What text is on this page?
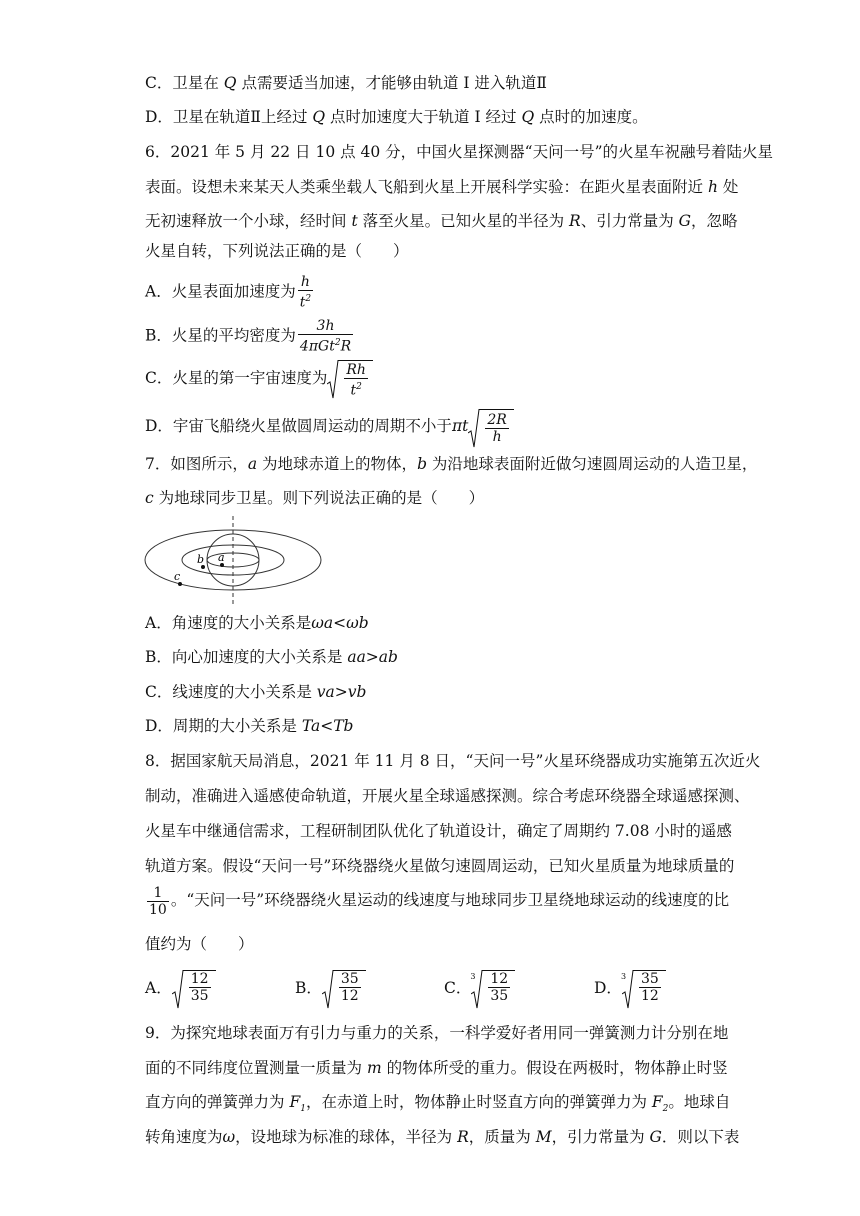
C．卫星在 Q 点需要适当加速，才能够由轨道 I 进入轨道Ⅱ
D．卫星在轨道Ⅱ上经过 Q 点时加速度大于轨道 I 经过 Q 点时的加速度。
6．2021 年 5 月 22 日 10 点 40 分，中国火星探测器“天问一号”的火星车祝融号着陆火星
表面。设想未来某天人类乘坐载人飞船到火星上开展科学实验：在距火星表面附近 h 处
无初速释放一个小球，经时间 t 落至火星。已知火星的半径为 R、引力常量为 G，忽略
火星自转，下列说法正确的是（　　）
A．火星表面加速度为 $\frac{h}{t^2}$
B．火星的平均密度为 $\frac{3h}{4\pi Gt^2R}$
C．火星的第一宇宙速度为 $\frac{Rh}{t^2}$
D．宇宙飞船绕火星做圆周运动的周期不小于πt $\frac{2R}{h}$
7．如图所示，a 为地球赤道上的物体，b 为沿地球表面附近做匀速圆周运动的人造卫星，
c 为地球同步卫星。则下列说法正确的是（　　）
a
b
c
A．角速度的大小关系是ωa<ωb
B．向心加速度的大小关系是 aa>ab
C．线速度的大小关系是 va>vb
D．周期的大小关系是 Ta<Tb
8．据国家航天局消息，2021 年 11 月 8 日，“天问一号”火星环绕器成功实施第五次近火
制动，准确进入遥感使命轨道，开展火星全球遥感探测。综合考虑环绕器全球遥感探测、
火星车中继通信需求，工程研制团队优化了轨道设计，确定了周期约 7.08 小时的遥感
轨道方案。假设“天问一号”环绕器绕火星做匀速圆周运动，已知火星质量为地球质量的
$\frac{1}{10}$ 。“天问一号”环绕器绕火星运动的线速度与地球同步卫星绕地球运动的线速度的比
值约为（　　）
A． $\frac{12}{35}$	B． $\frac{35}{12}$	C．
$3 \frac{12}{35}$	D．
$3 \frac{35}{12}$
9．为探究地球表面万有引力与重力的关系，一科学爱好者用同一弹簧测力计分别在地
面的不同纬度位置测量一质量为 m 的物体所受的重力。假设在两极时，物体静止时竖
直方向的弹簧弹力为 $F_1$，在赤道上时，物体静止时竖直方向的弹簧弹力为 $F_2$。地球自
转角速度为ω，设地球为标准的球体，半径为 R，质量为 M，引力常量为 G．则以下表
